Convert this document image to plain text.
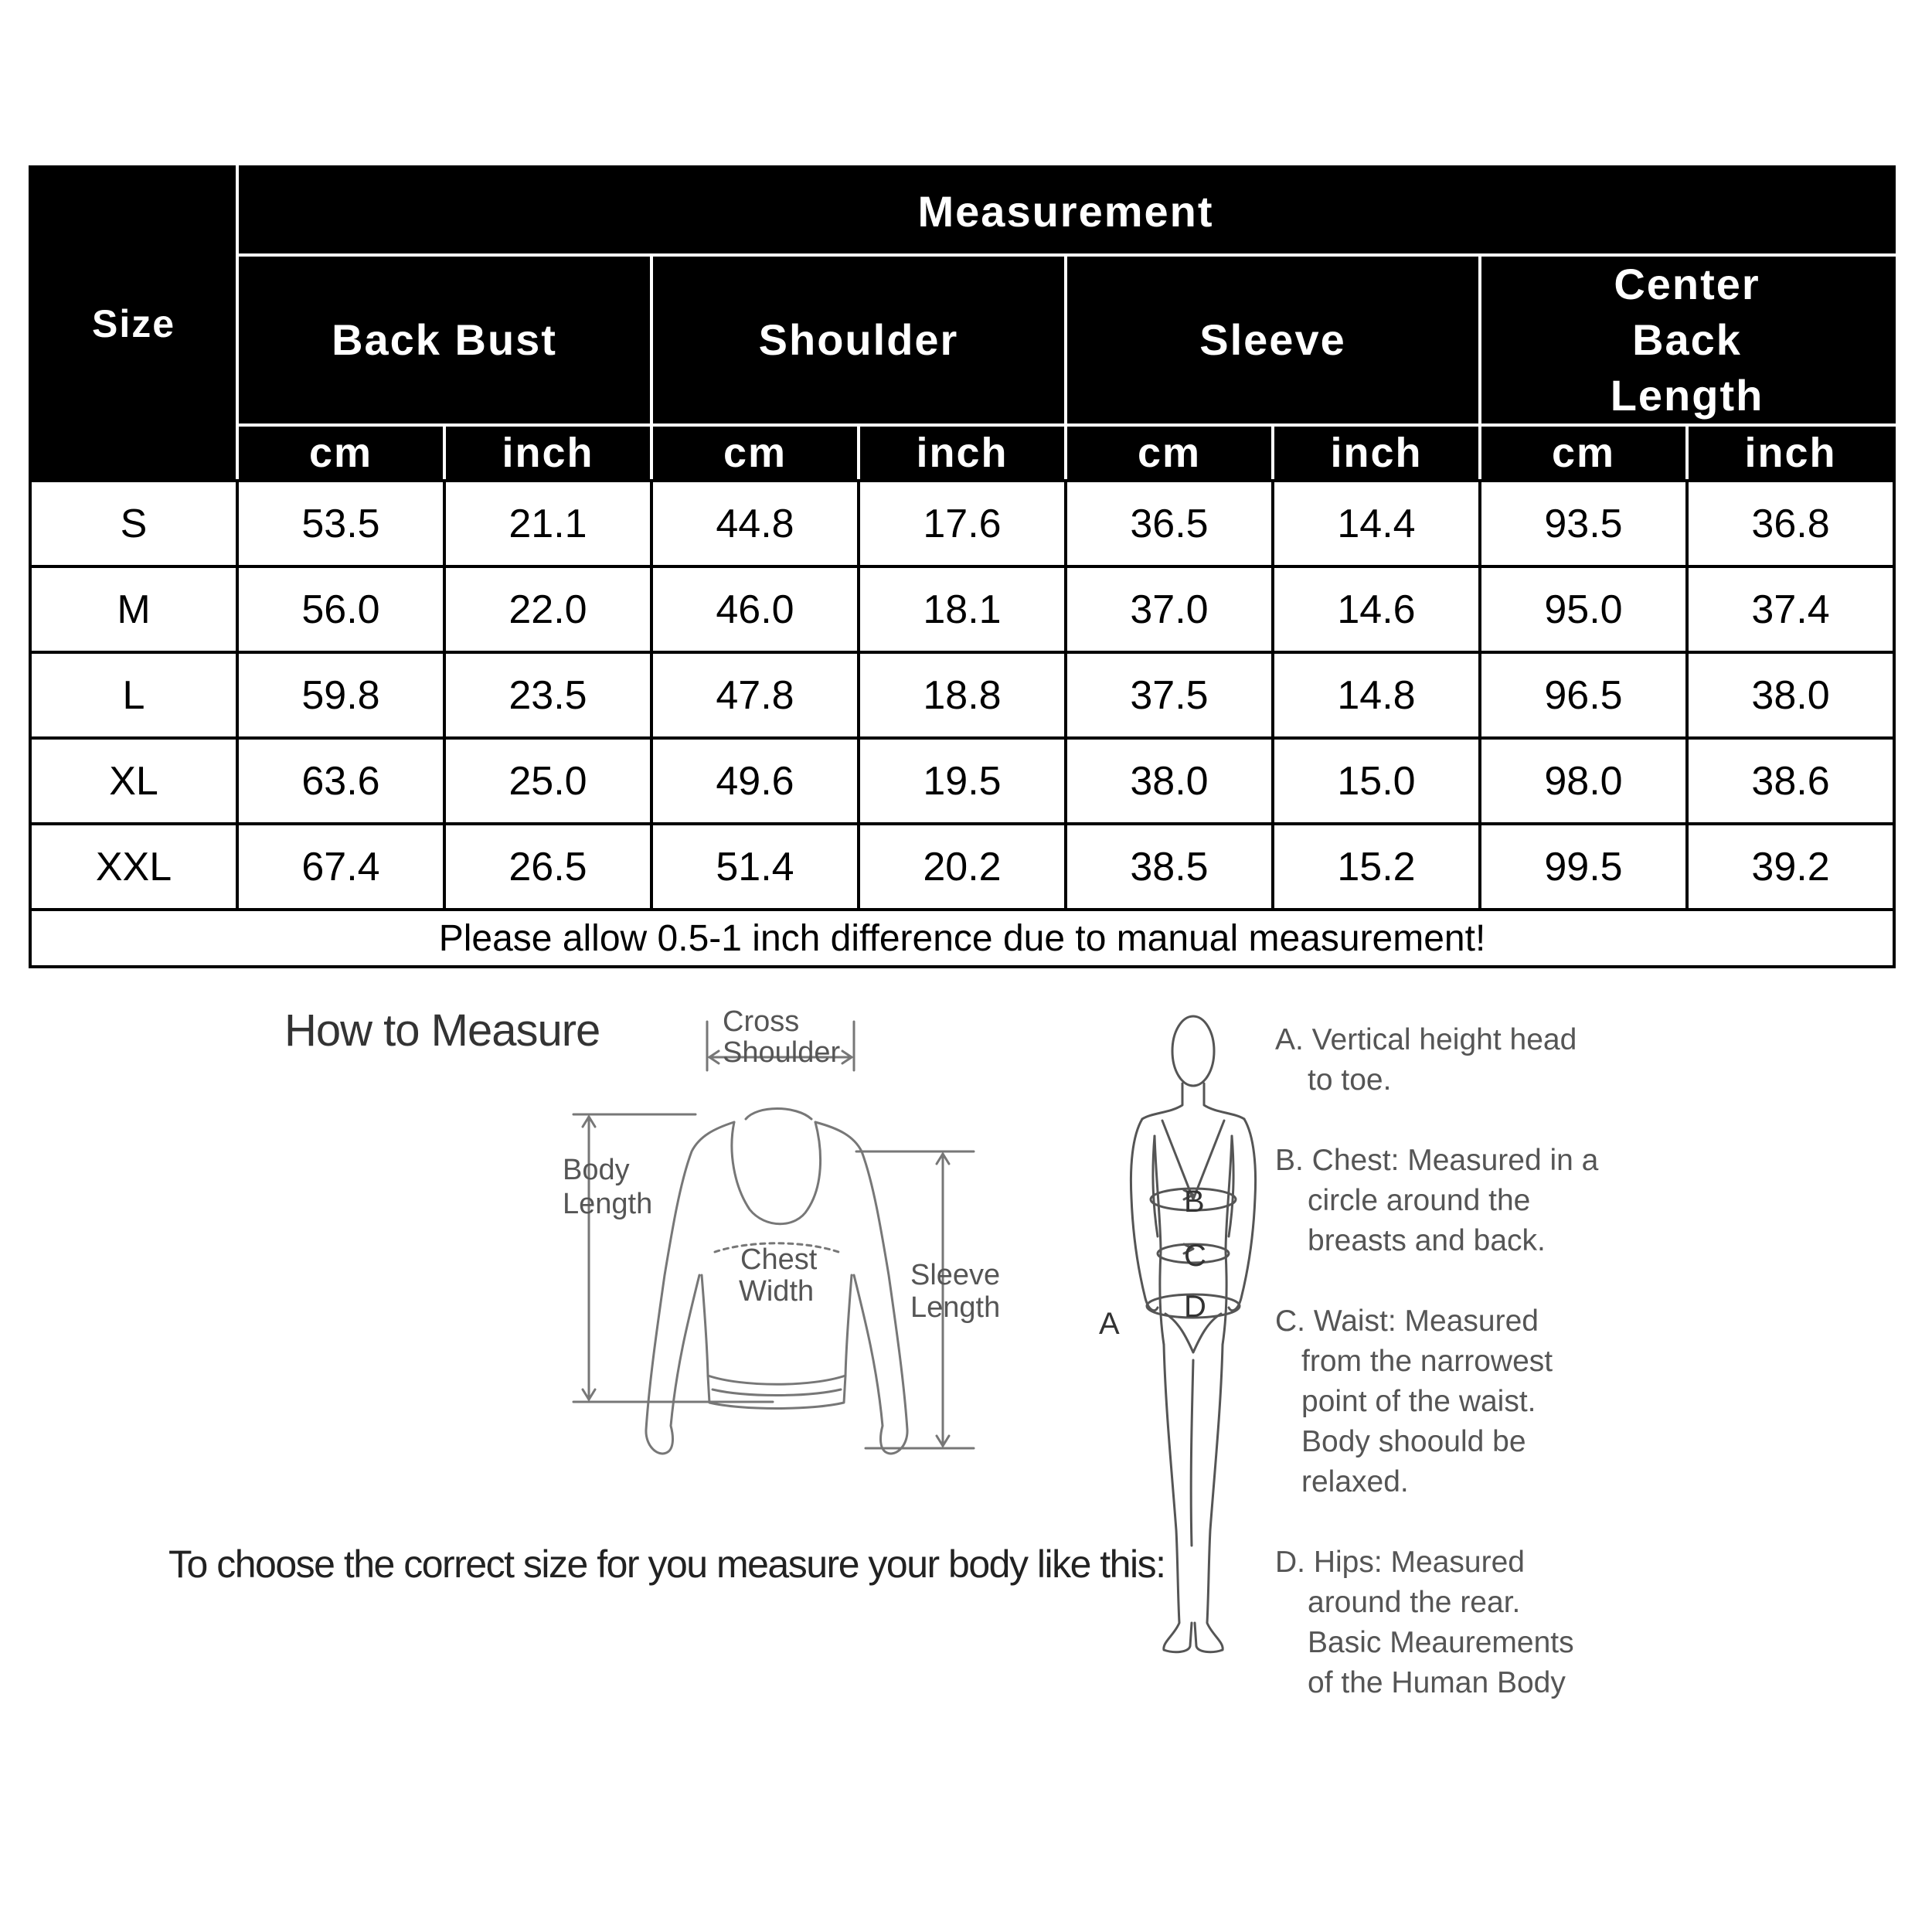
Size	Measurement							
	Back Bust		Shoulder		Sleeve		Center Back Length	
	cm	inch	cm	inch	cm	inch	cm	inch
S	53.5	21.1	44.8	17.6	36.5	14.4	93.5	36.8
M	56.0	22.0	46.0	18.1	37.0	14.6	95.0	37.4
L	59.8	23.5	47.8	18.8	37.5	14.8	96.5	38.0
XL	63.6	25.0	49.6	19.5	38.0	15.0	98.0	38.6
XXL	67.4	26.5	51.4	20.2	38.5	15.2	99.5	39.2
Please allow 0.5-1 inch difference due to manual measurement!								
How to Measure
To choose the correct size for you measure your body like this:
Cross
Shoulder
Body
Length
Chest
Width	Sleeve
Length	A
B
C
D
A. Vertical height head
to toe.
B. Chest: Measured in a
circle around the
breasts and back.
C. Waist: Measured
from the narrowest
point of the waist.
Body shoould be
relaxed.
D. Hips: Measured
around the rear.
Basic Meaurements
of the Human Body
